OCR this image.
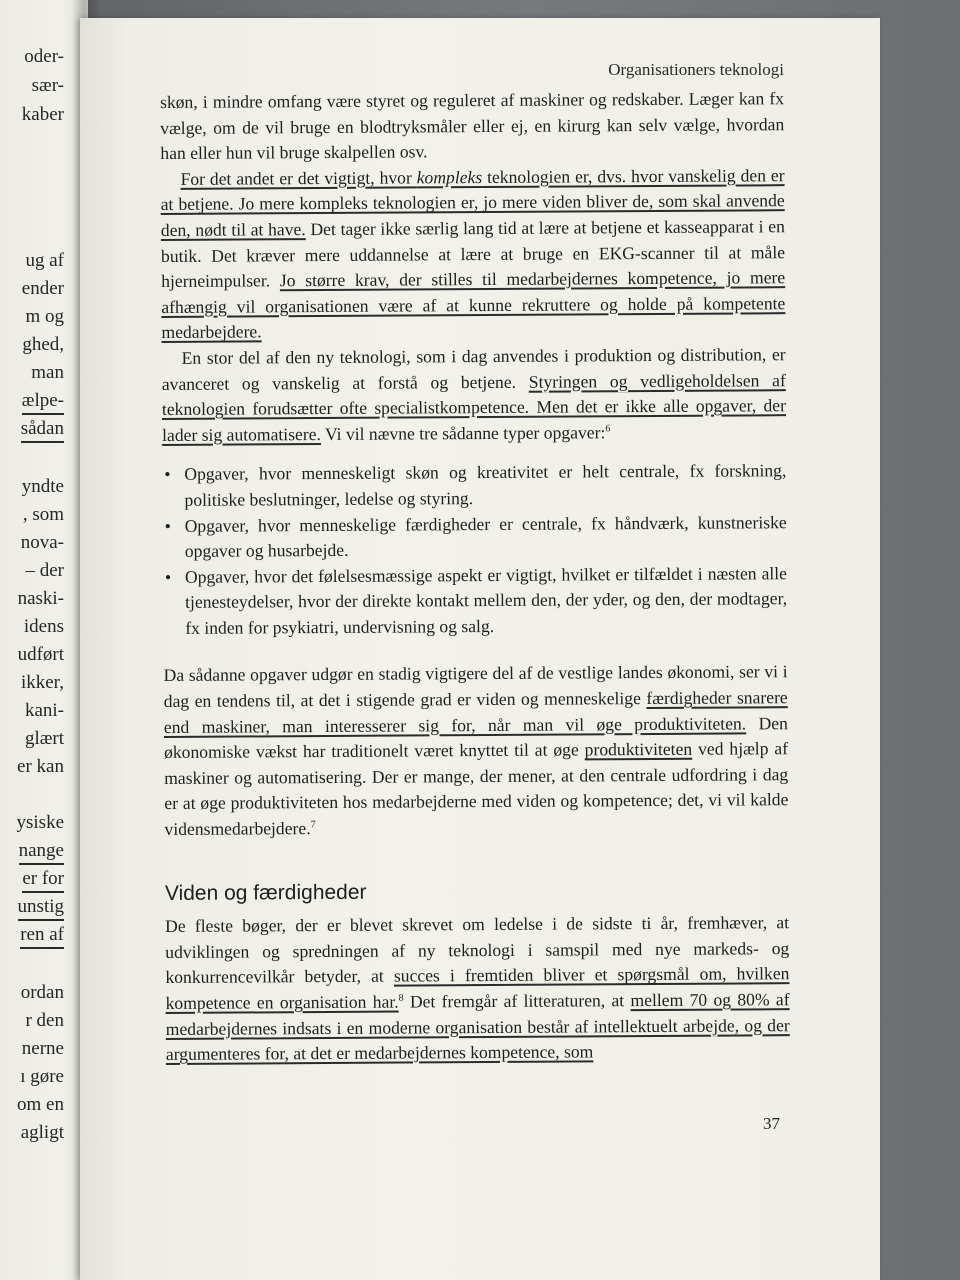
oder-
sær-
kaber
ug af
ender
m og
ghed,
man
ælpe-
sådan
yndte
, som
nova-
– der
naski-
idens
udført
ikker,
kani-
glært
er kan
ysiske
nange
er for
unstig
ren af
ordan
r den
nerne
ı gøre
om en
agligt
Organisationers teknologi

skøn, i mindre omfang være styret og reguleret af maskiner og redskaber. Læger kan fx vælge, om de vil bruge en blodtryksmåler eller ej, en kirurg kan selv vælge, hvordan han eller hun vil bruge skalpellen osv.

For det andet er det vigtigt, hvor kompleks teknologien er, dvs. hvor vanskelig den er at betjene. Jo mere kompleks teknologien er, jo mere viden bliver de, som skal anvende den, nødt til at have. Det tager ikke særlig lang tid at lære at betjene et kasseapparat i en butik. Det kræver mere uddannelse at lære at bruge en EKG-scanner til at måle hjerneimpulser. Jo større krav, der stilles til medarbejdernes kompetence, jo mere afhængig vil organisationen være af at kunne rekruttere og holde på kompetente medarbejdere.

En stor del af den ny teknologi, som i dag anvendes i produktion og distribution, er avanceret og vanskelig at forstå og betjene. Styringen og vedligeholdelsen af teknologien forudsætter ofte specialistkompetence. Men det er ikke alle opgaver, der lader sig automatisere. Vi vil nævne tre sådanne typer opgaver:$^6$

• Opgaver, hvor menneskeligt skøn og kreativitet er helt centrale, fx forskning, politiske beslutninger, ledelse og styring.
• Opgaver, hvor menneskelige færdigheder er centrale, fx håndværk, kunstneriske opgaver og husarbejde.
• Opgaver, hvor det følelsesmæssige aspekt er vigtigt, hvilket er tilfældet i næsten alle tjenesteydelser, hvor der direkte kontakt mellem den, der yder, og den, der modtager, fx inden for psykiatri, undervisning og salg.

Da sådanne opgaver udgør en stadig vigtigere del af de vestlige landes økonomi, ser vi i dag en tendens til, at det i stigende grad er viden og menneskelige færdigheder snarere end maskiner, man interesserer sig for, når man vil øge produktiviteten. Den økonomiske vækst har traditionelt været knyttet til at øge produktiviteten ved hjælp af maskiner og automatisering. Der er mange, der mener, at den centrale udfordring i dag er at øge produktiviteten hos medarbejderne med viden og kompetence; det, vi vil kalde vidensmedarbejdere.$^7$

Viden og færdigheder

De fleste bøger, der er blevet skrevet om ledelse i de sidste ti år, fremhæver, at udviklingen og spredningen af ny teknologi i samspil med nye markeds- og konkurrencevilkår betyder, at succes i fremtiden bliver et spørgsmål om, hvilken kompetence en organisation har.$^8$ Det fremgår af litteraturen, at mellem 70 og 80% af medarbejdernes indsats i en moderne organisation består af intellektuelt arbejde, og der argumenteres for, at det er medarbejdernes kompetence, som

37
